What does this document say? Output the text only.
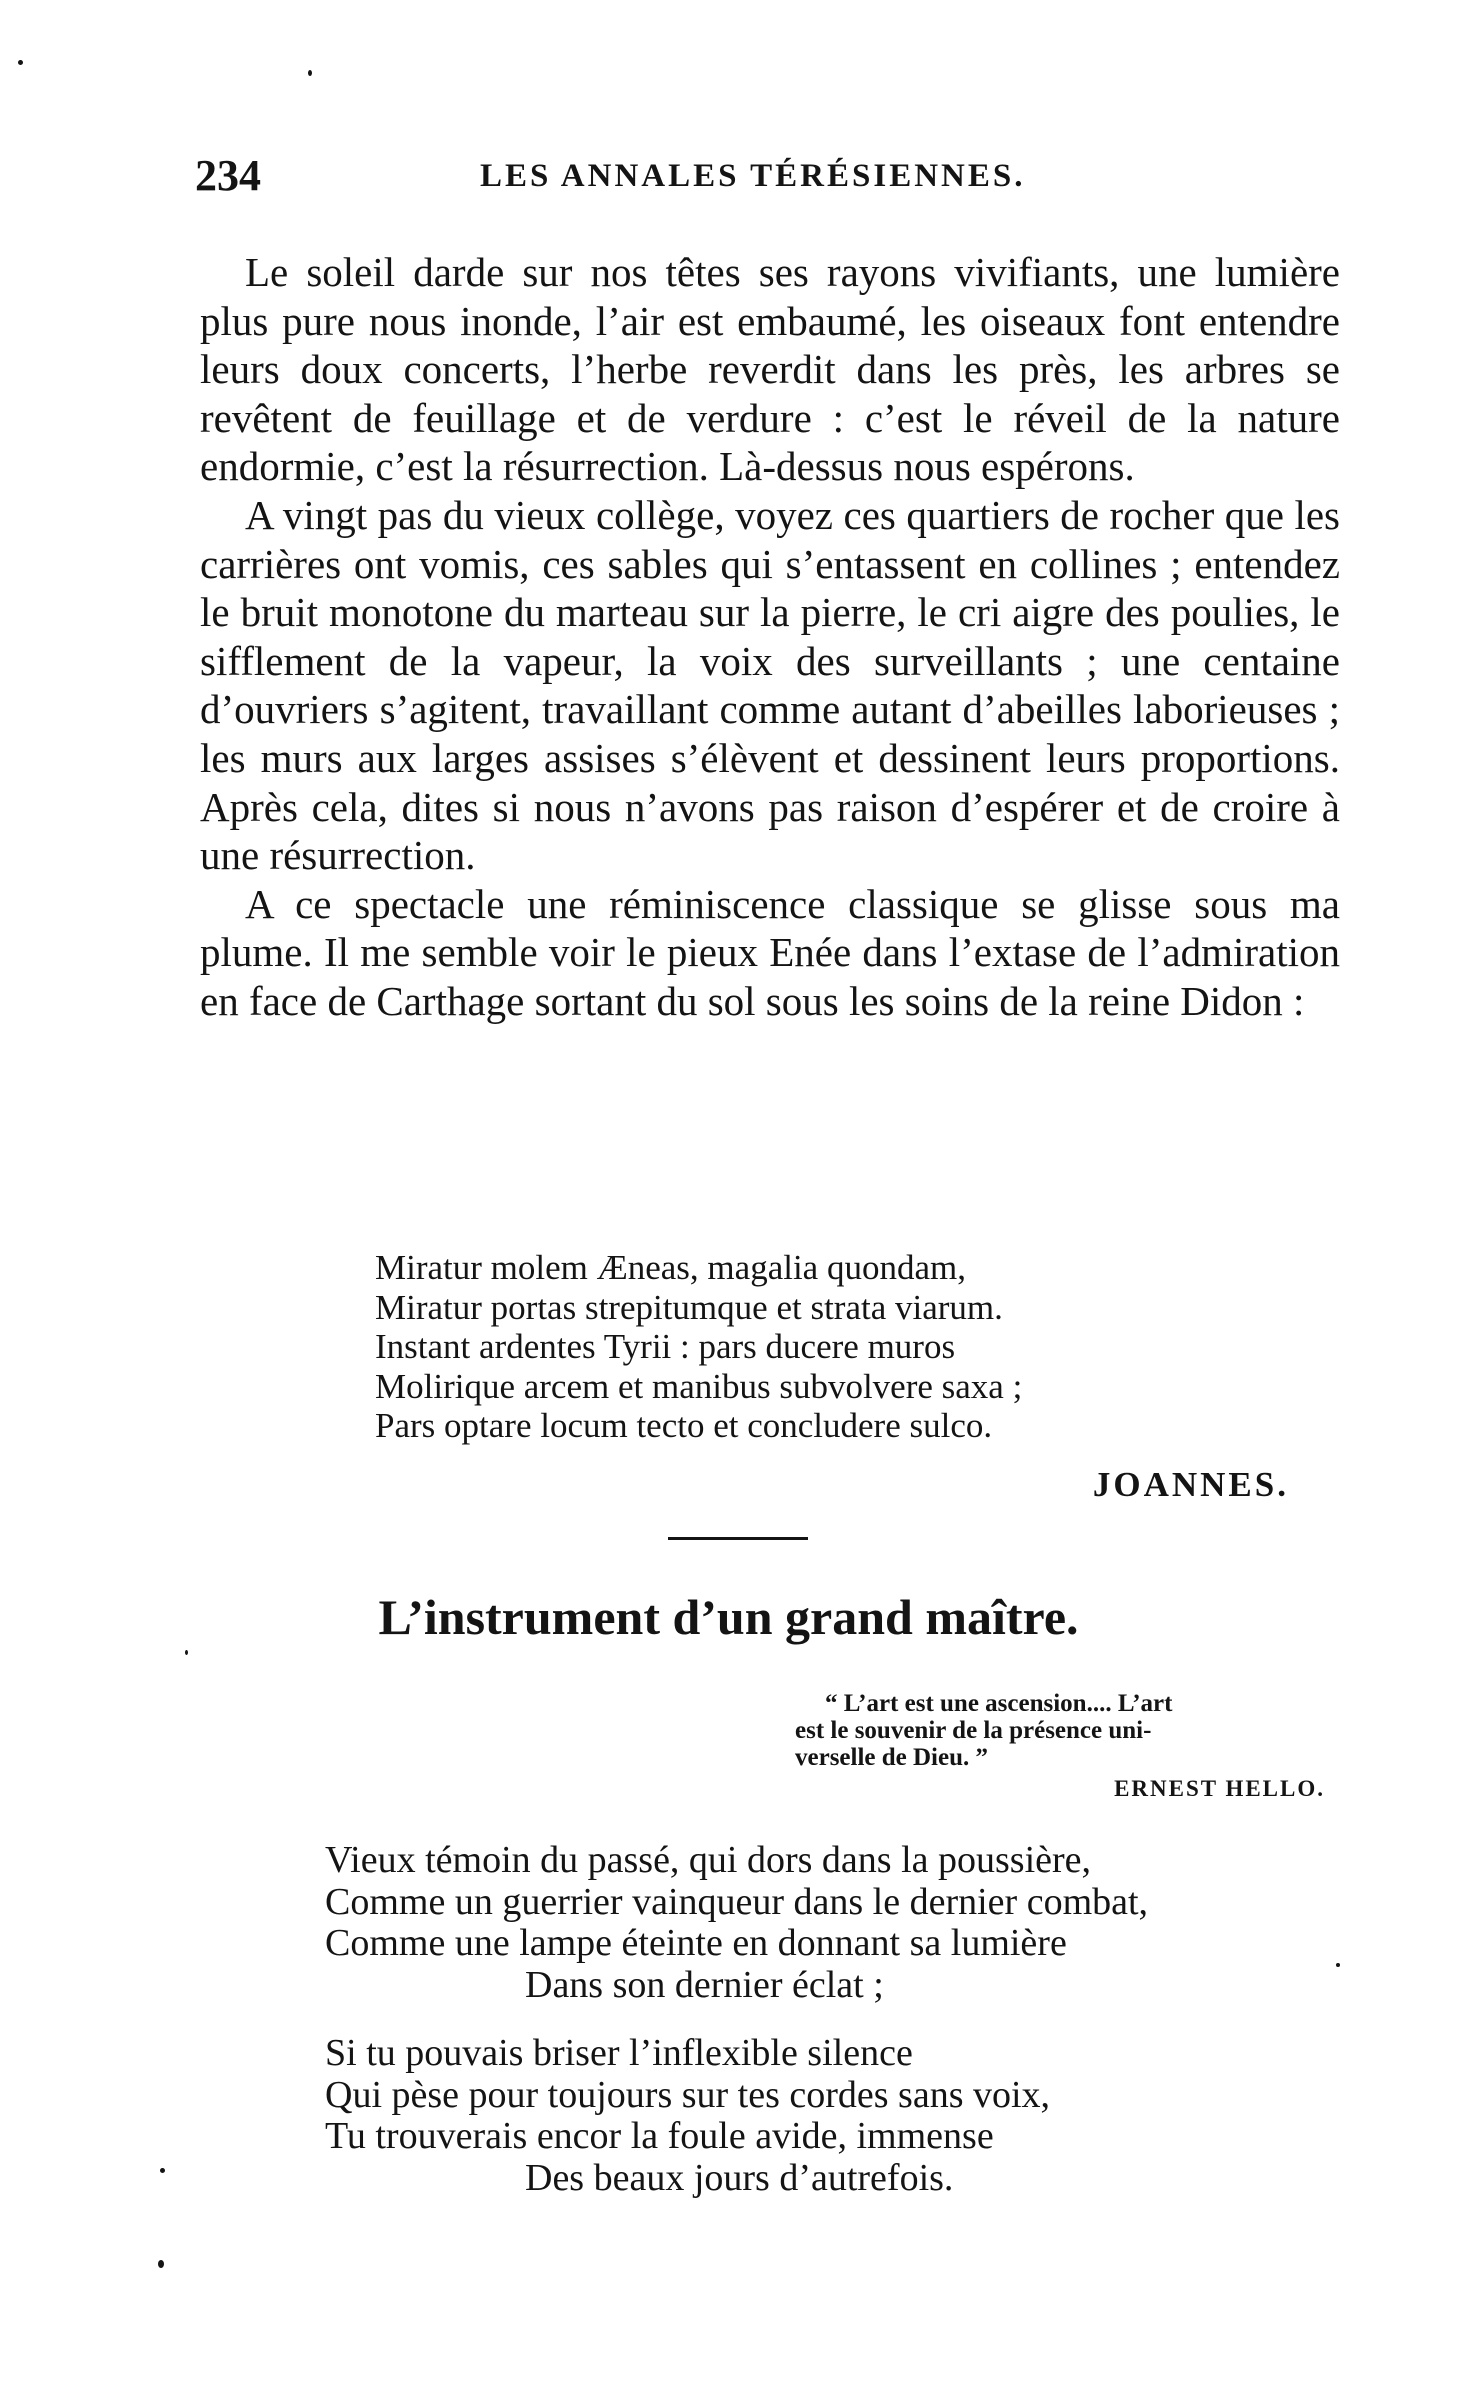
234	LES ANNALES TÉRÉSIENNES.

Le soleil darde sur nos têtes ses rayons vivifiants, une lumière plus pure nous inonde, l’air est embaumé, les oiseaux font entendre leurs doux concerts, l’herbe reverdit dans les près, les arbres se revêtent de feuillage et de verdure : c’est le réveil de la nature endormie, c’est la résurrection. Là-dessus nous espérons.

A vingt pas du vieux collège, voyez ces quartiers de rocher que les carrières ont vomis, ces sables qui s’entassent en collines ; entendez le bruit monotone du marteau sur la pierre, le cri aigre des poulies, le sifflement de la vapeur, la voix des surveillants ; une centaine d’ouvriers s’agitent, travaillant comme autant d’abeilles laborieuses ; les murs aux larges assises s’élèvent et dessinent leurs proportions. Après cela, dites si nous n’avons pas raison d’espérer et de croire à une résurrection.

A ce spectacle une réminiscence classique se glisse sous ma plume. Il me semble voir le pieux Enée dans l’extase de l’admiration en face de Carthage sortant du sol sous les soins de la reine Didon :

Miratur molem Æneas, magalia quondam,
Miratur portas strepitumque et strata viarum.
Instant ardentes Tyrii : pars ducere muros
Molirique arcem et manibus subvolvere saxa ;
Pars optare locum tecto et concludere sulco.
JOANNES.
L’instrument d’un grand maître.
“ L’art est une ascension.... L’art
est le souvenir de la présence uni-
verselle de Dieu. ”
ERNEST HELLO.
Vieux témoin du passé, qui dors dans la poussière,
Comme un guerrier vainqueur dans le dernier combat,
Comme une lampe éteinte en donnant sa lumière
Dans son dernier éclat ;
Si tu pouvais briser l’inflexible silence
Qui pèse pour toujours sur tes cordes sans voix,
Tu trouverais encor la foule avide, immense
Des beaux jours d’autrefois.
